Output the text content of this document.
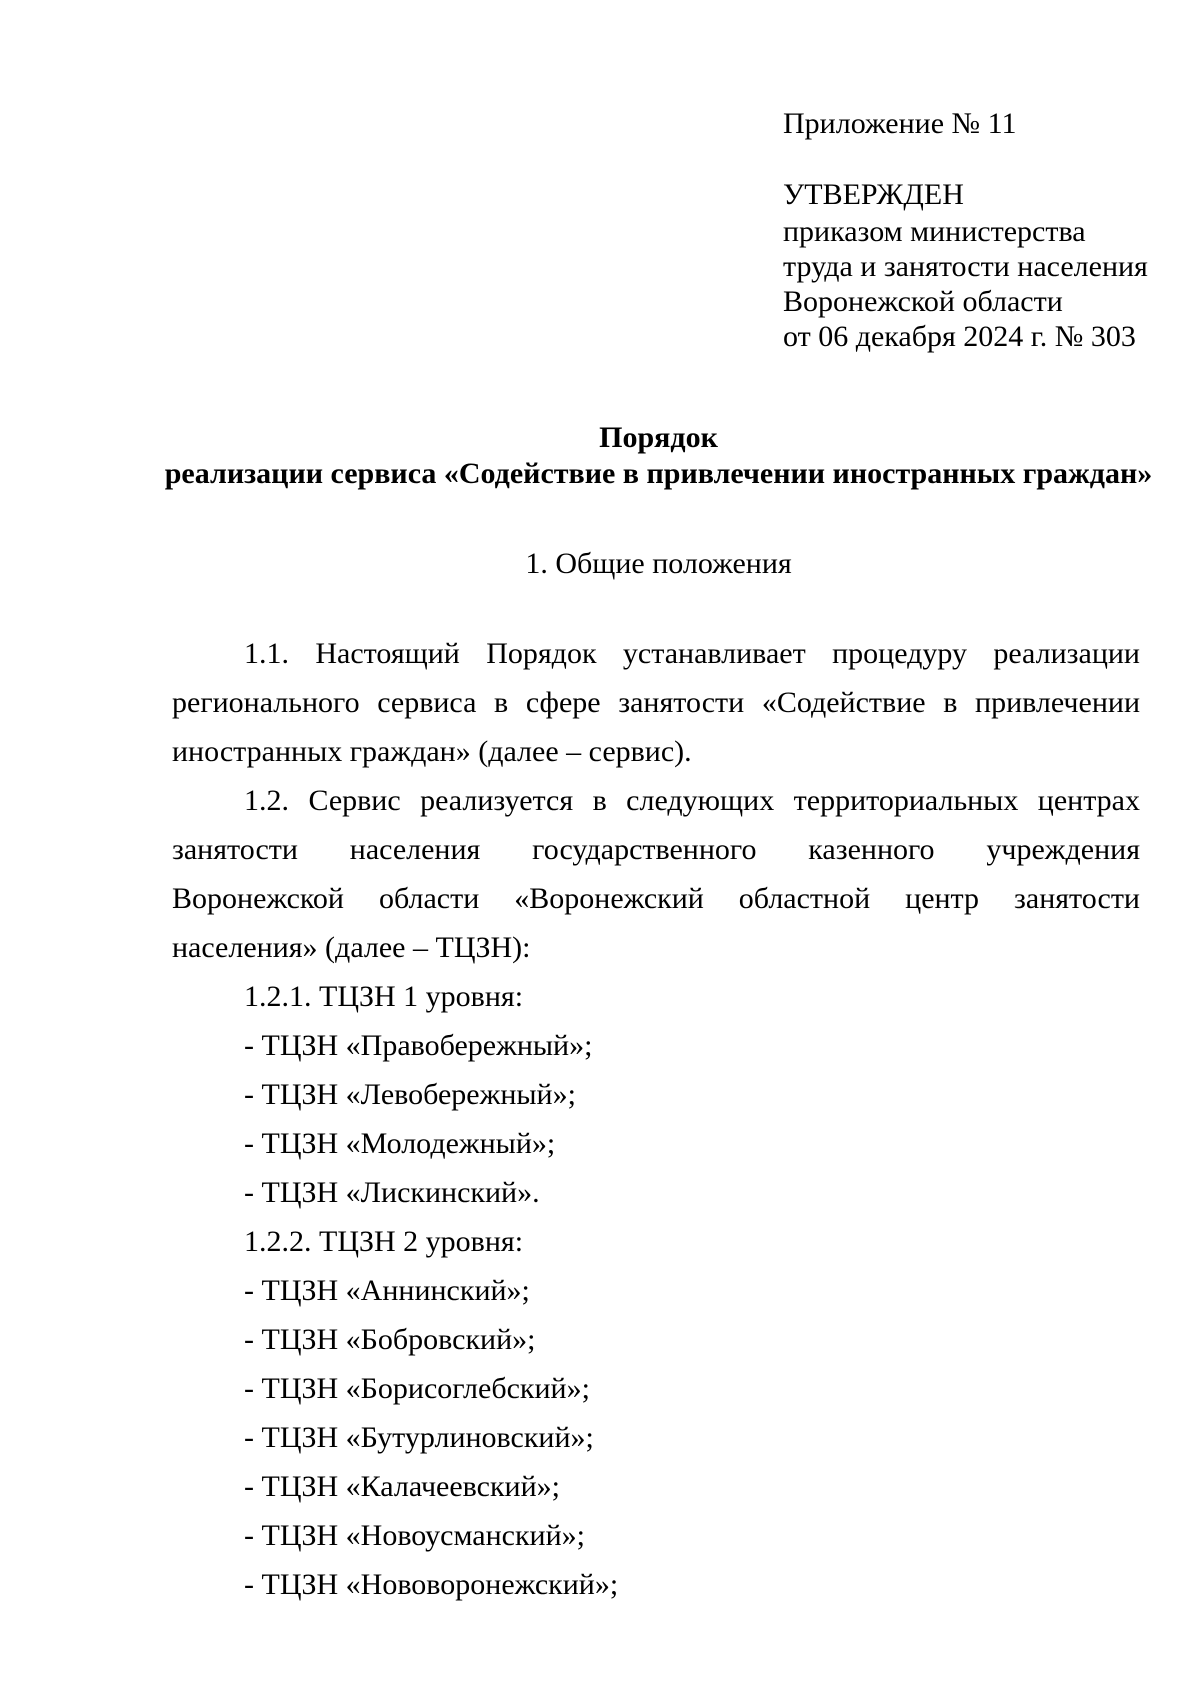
Приложение № 11
УТВЕРЖДЕН
приказом министерства
труда и занятости населения
Воронежской области
от 06 декабря 2024 г. № 303
Порядок
реализации сервиса «Содействие в привлечении иностранных граждан»
1. Общие положения

1.1. Настоящий Порядок устанавливает процедуру реализации регионального сервиса в сфере занятости «Содействие в привлечении иностранных граждан» (далее – сервис).

1.2. Сервис реализуется в следующих территориальных центрах занятости населения государственного казенного учреждения Воронежской области «Воронежский областной центр занятости населения» (далее – ТЦЗН):

1.2.1. ТЦЗН 1 уровня:
- ТЦЗН «Правобережный»;
- ТЦЗН «Левобережный»;
- ТЦЗН «Молодежный»;
- ТЦЗН «Лискинский».
1.2.2. ТЦЗН 2 уровня:
- ТЦЗН «Аннинский»;
- ТЦЗН «Бобровский»;
- ТЦЗН «Борисоглебский»;
- ТЦЗН «Бутурлиновский»;
- ТЦЗН «Калачеевский»;
- ТЦЗН «Новоусманский»;
- ТЦЗН «Нововоронежский»;
